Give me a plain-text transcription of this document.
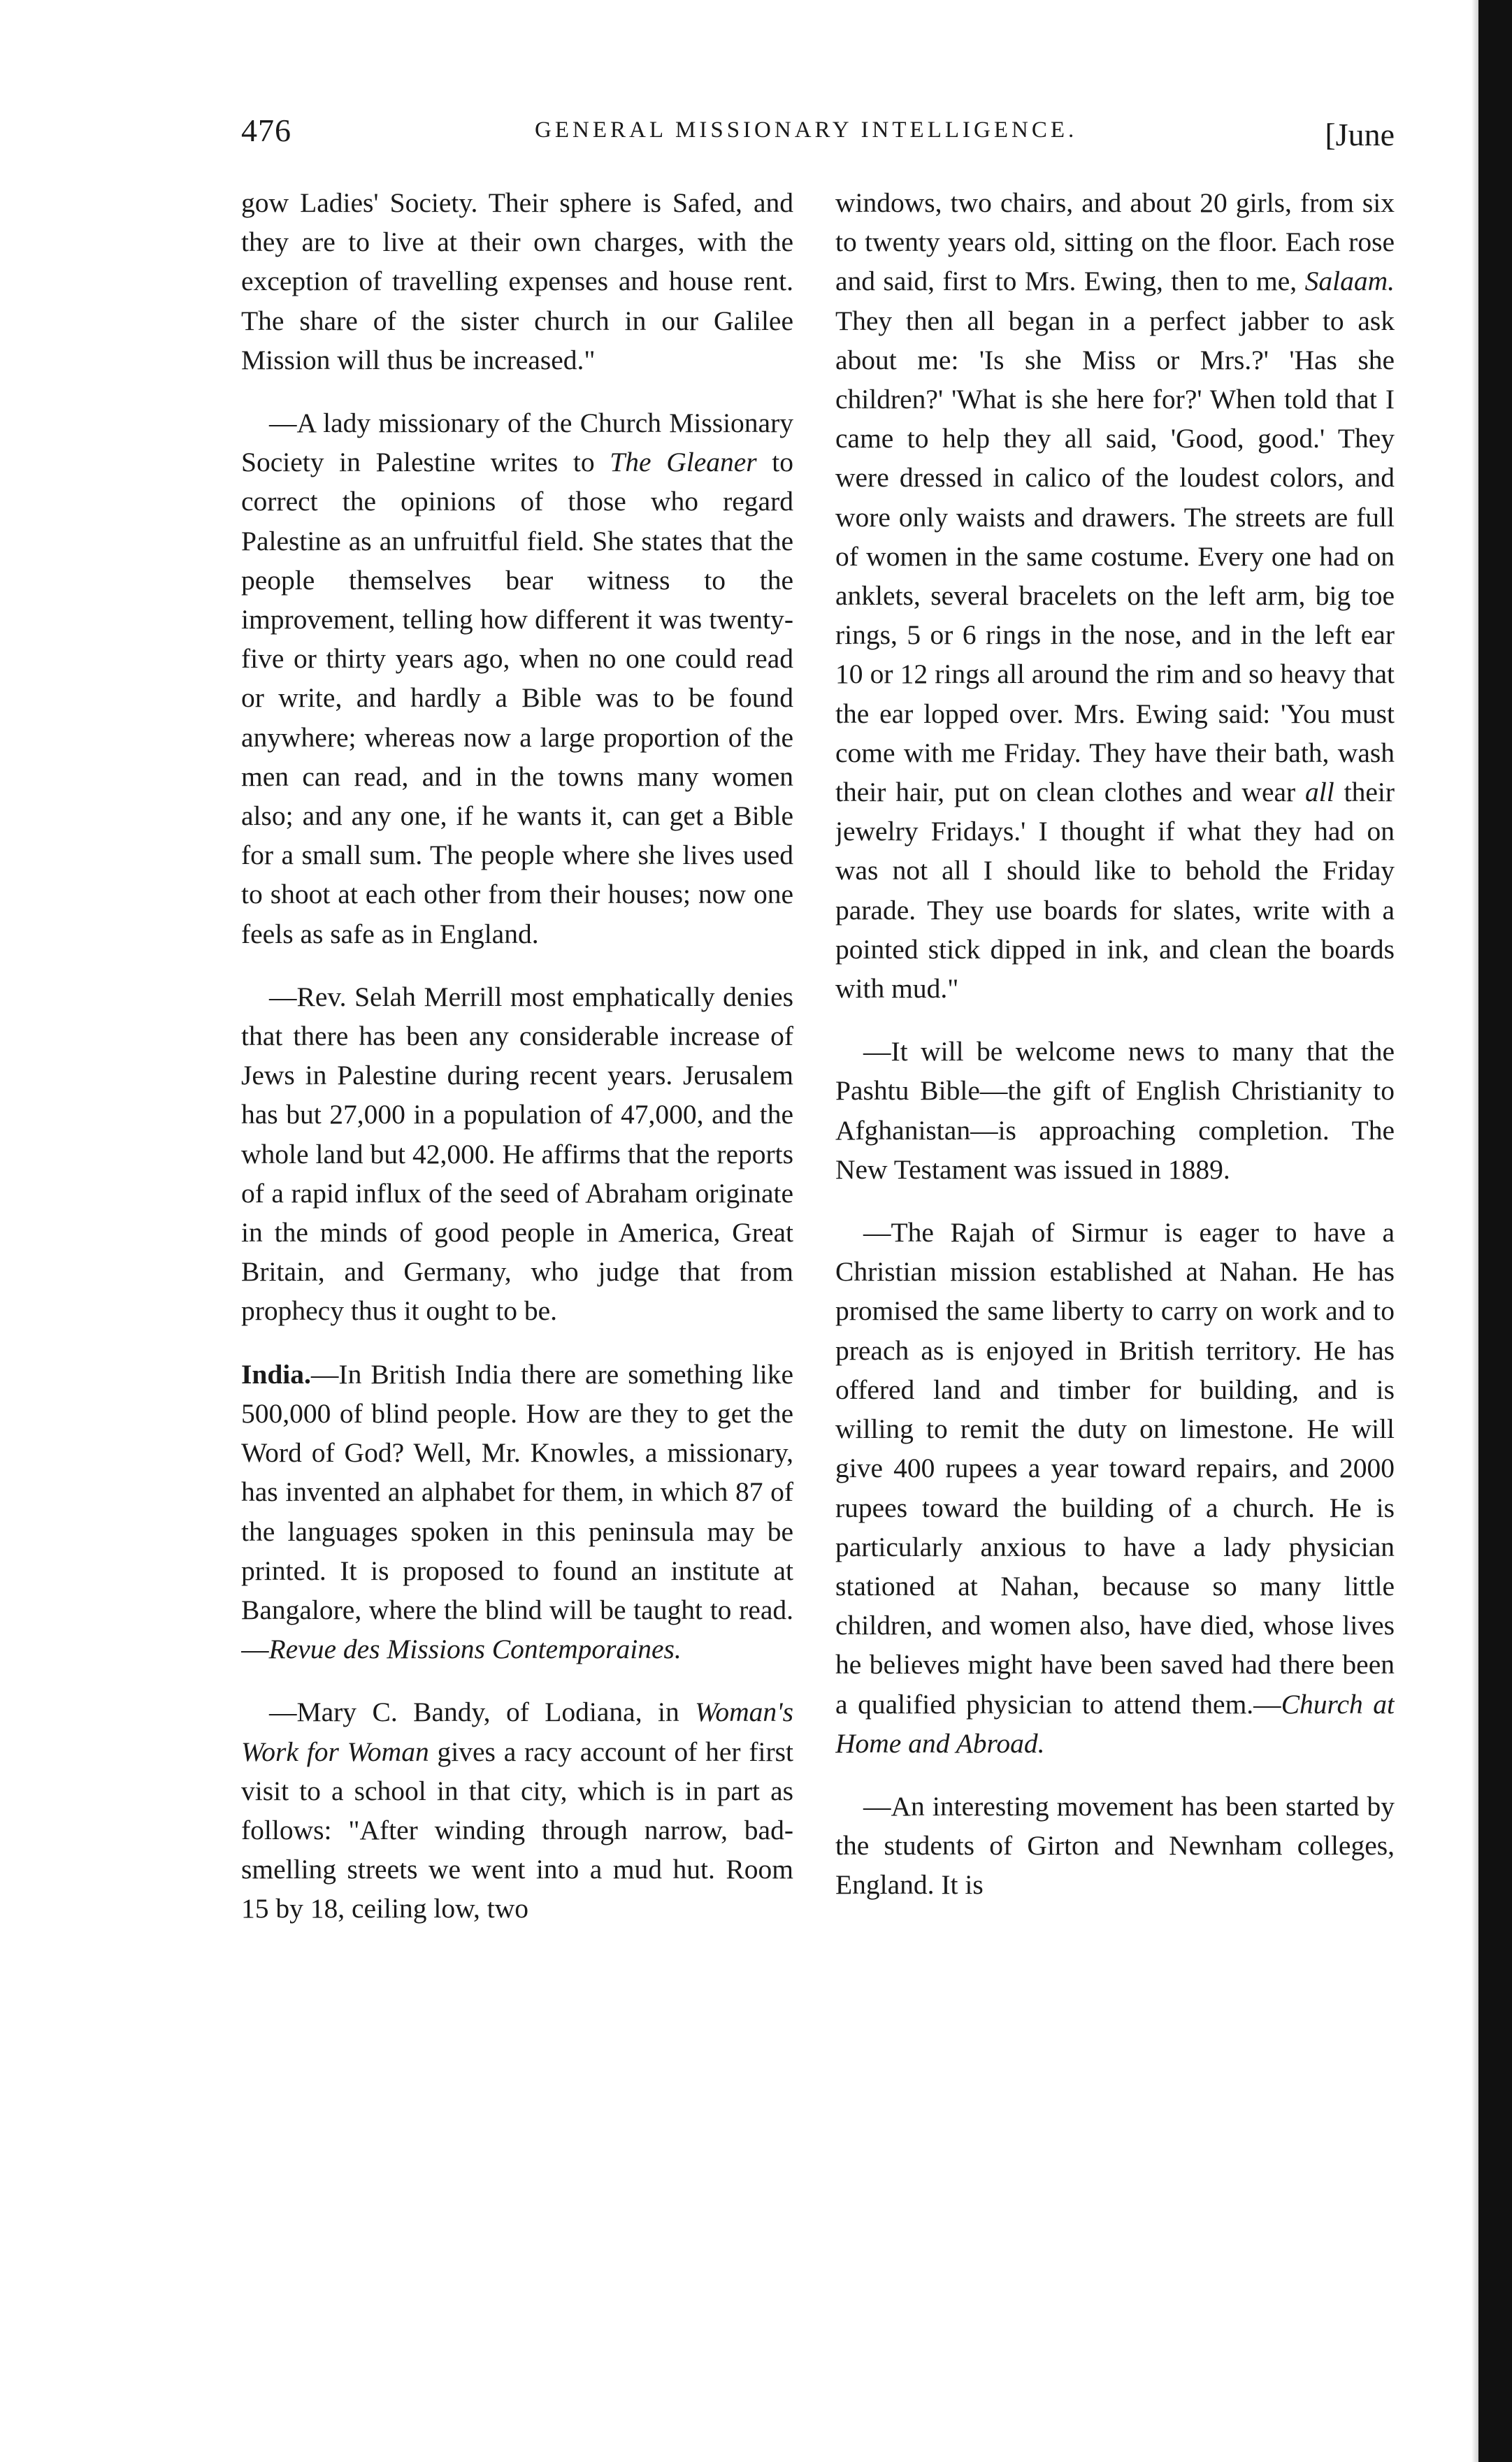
476	GENERAL MISSIONARY INTELLIGENCE.	[June

gow Ladies' Society. Their sphere is Safed, and they are to live at their own charges, with the exception of travelling expenses and house rent. The share of the sister church in our Galilee Mission will thus be increased."

—A lady missionary of the Church Missionary Society in Palestine writes to The Gleaner to correct the opinions of those who regard Palestine as an unfruitful field. She states that the people themselves bear witness to the improvement, telling how different it was twenty-five or thirty years ago, when no one could read or write, and hardly a Bible was to be found anywhere; whereas now a large proportion of the men can read, and in the towns many women also; and any one, if he wants it, can get a Bible for a small sum. The people where she lives used to shoot at each other from their houses; now one feels as safe as in England.

—Rev. Selah Merrill most emphatically denies that there has been any considerable increase of Jews in Palestine during recent years. Jerusalem has but 27,000 in a population of 47,000, and the whole land but 42,000. He affirms that the reports of a rapid influx of the seed of Abraham originate in the minds of good people in America, Great Britain, and Germany, who judge that from prophecy thus it ought to be.

India.—In British India there are something like 500,000 of blind people. How are they to get the Word of God? Well, Mr. Knowles, a missionary, has invented an alphabet for them, in which 87 of the languages spoken in this peninsula may be printed. It is proposed to found an institute at Bangalore, where the blind will be taught to read.—Revue des Missions Contemporaines.

—Mary C. Bandy, of Lodiana, in Woman's Work for Woman gives a racy account of her first visit to a school in that city, which is in part as follows: "After winding through narrow, bad-smelling streets we went into a mud hut. Room 15 by 18, ceiling low, two

windows, two chairs, and about 20 girls, from six to twenty years old, sitting on the floor. Each rose and said, first to Mrs. Ewing, then to me, Salaam. They then all began in a perfect jabber to ask about me: 'Is she Miss or Mrs.?' 'Has she children?' 'What is she here for?' When told that I came to help they all said, 'Good, good.' They were dressed in calico of the loudest colors, and wore only waists and drawers. The streets are full of women in the same costume. Every one had on anklets, several bracelets on the left arm, big toe rings, 5 or 6 rings in the nose, and in the left ear 10 or 12 rings all around the rim and so heavy that the ear lopped over. Mrs. Ewing said: 'You must come with me Friday. They have their bath, wash their hair, put on clean clothes and wear all their jewelry Fridays.' I thought if what they had on was not all I should like to behold the Friday parade. They use boards for slates, write with a pointed stick dipped in ink, and clean the boards with mud."

—It will be welcome news to many that the Pashtu Bible—the gift of English Christianity to Afghanistan—is approaching completion. The New Testament was issued in 1889.

—The Rajah of Sirmur is eager to have a Christian mission established at Nahan. He has promised the same liberty to carry on work and to preach as is enjoyed in British territory. He has offered land and timber for building, and is willing to remit the duty on limestone. He will give 400 rupees a year toward repairs, and 2000 rupees toward the building of a church. He is particularly anxious to have a lady physician stationed at Nahan, because so many little children, and women also, have died, whose lives he believes might have been saved had there been a qualified physician to attend them.—Church at Home and Abroad.

—An interesting movement has been started by the students of Girton and Newnham colleges, England. It is
